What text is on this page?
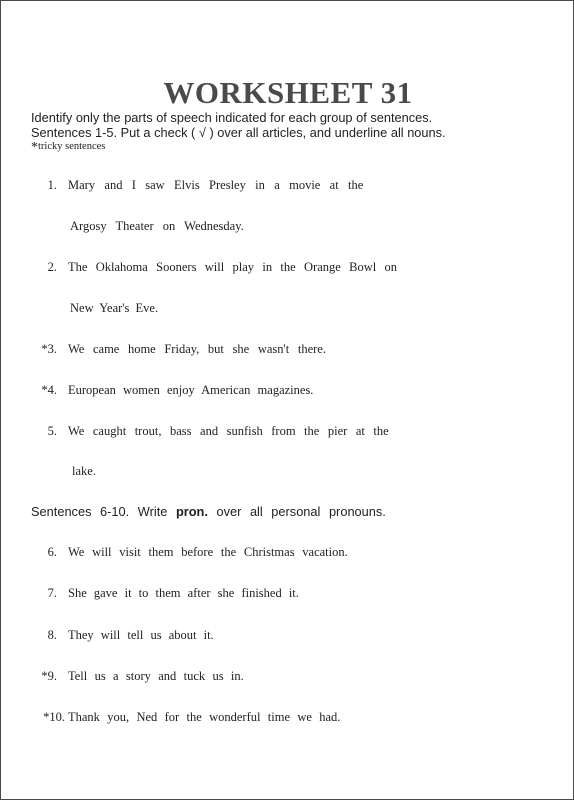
WORKSHEET 31
Identify only the parts of speech indicated for each group of sentences.
Sentences 1-5. Put a check ( √ ) over all articles, and underline all nouns.
*tricky sentences
1. Mary and I saw Elvis Presley in a movie at the
Argosy Theater on Wednesday.
2. The Oklahoma Sooners will play in the Orange Bowl on
New Year's Eve.
*3. We came home Friday, but she wasn't there.
*4. European women enjoy American magazines.
5. We caught trout, bass and sunfish from the pier at the
lake.
Sentences 6-10. Write pron. over all personal pronouns.
6. We will visit them before the Christmas vacation.
7. She gave it to them after she finished it.
8. They will tell us about it.
*9. Tell us a story and tuck us in.
*10. Thank you, Ned for the wonderful time we had.
